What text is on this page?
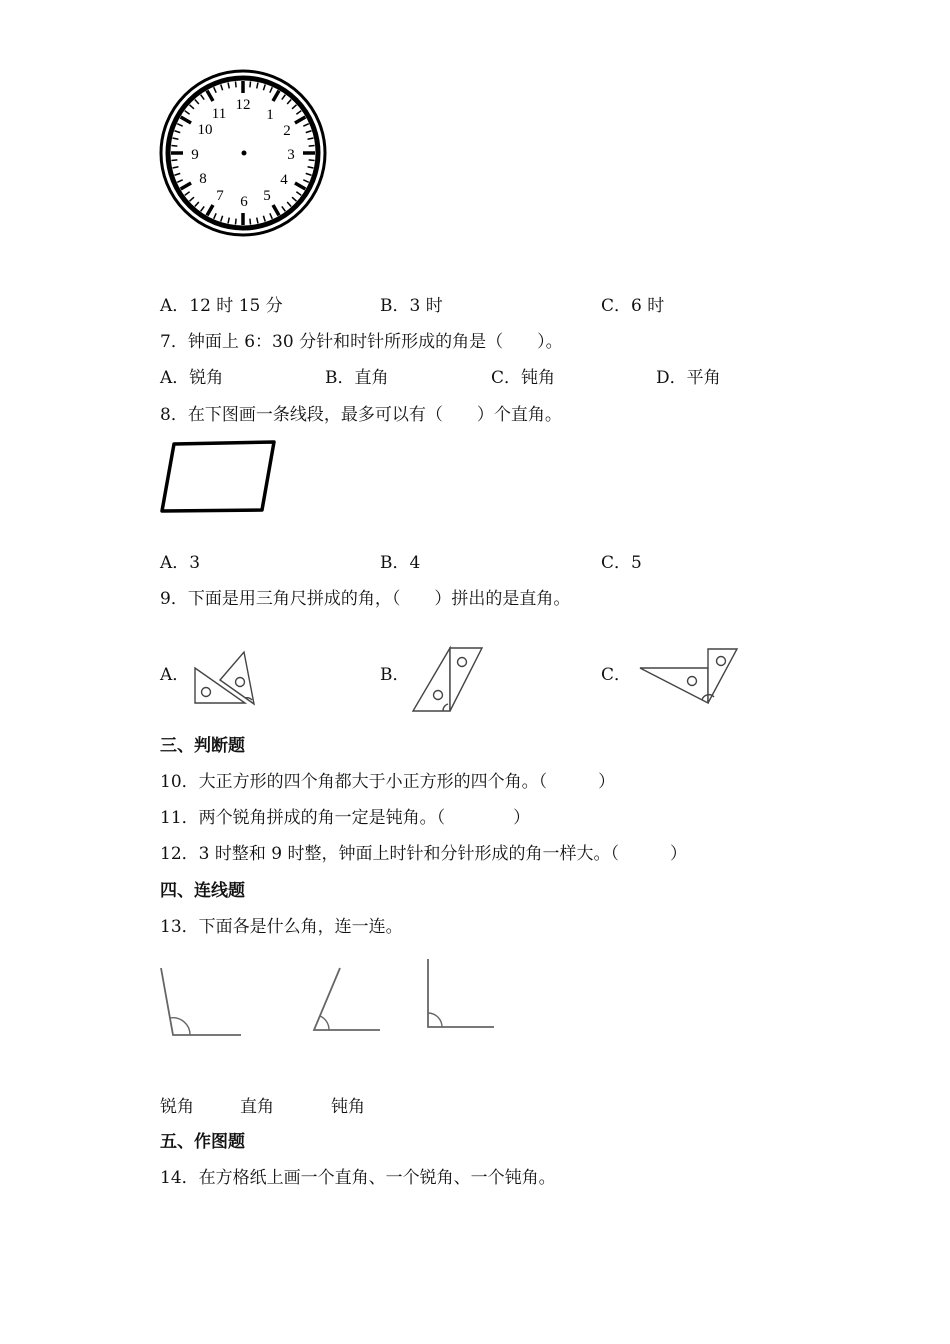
12
1
2
3
4
5
6
7
8
9
10
11
A．12 时 15 分	B．3 时	C．6 时
7．钟面上 6：30 分针和时针所形成的角是（　　）。
A．锐角	B．直角	C．钝角	D．平角
8．在下图画一条线段，最多可以有（　　）个直角。
A．3	B．4	C．5
9．下面是用三角尺拼成的角，（　　）拼出的是直角。
A．	B．	C．
三、判断题
10．大正方形的四个角都大于小正方形的四个角。（　　　）
11．两个锐角拼成的角一定是钝角。（　　　　）
12．3 时整和 9 时整，钟面上时针和分针形成的角一样大。（　　　）
四、连线题
13．下面各是什么角，连一连。
锐角	直角	钝角
五、作图题
14．在方格纸上画一个直角、一个锐角、一个钝角。
